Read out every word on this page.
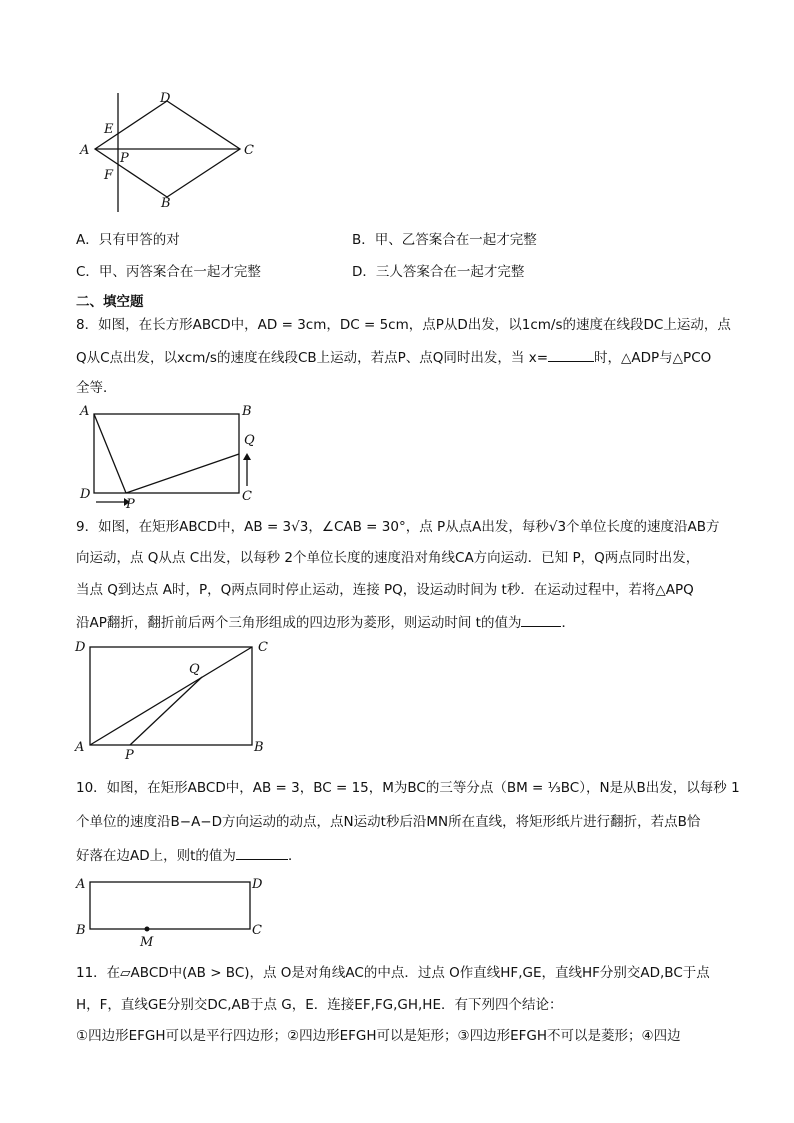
D
E
A
P
C
F
B
A．只有甲答的对	B．甲、乙答案合在一起才完整
C．甲、丙答案合在一起才完整	D．三人答案合在一起才完整
二、填空题
8．如图，在长方形ABCD中，AD = 3cm，DC = 5cm，点P从D出发，以1cm/s的速度在线段DC上运动，点
Q从C点出发，以xcm/s的速度在线段CB上运动，若点P、点Q同时出发，当 x=	时，△ADP与△PCO
全等．
A	B
Q
D	C
P
9．如图，在矩形ABCD中，AB = 3√3，∠CAB = 30°，点 P从点A出发，每秒√3个单位长度的速度沿AB方
向运动，点 Q从点 C出发，以每秒 2个单位长度的速度沿对角线CA方向运动．已知 P，Q两点同时出发，
当点 Q到达点 A时，P，Q两点同时停止运动，连接 PQ，设运动时间为 t秒．在运动过程中，若将△APQ
沿AP翻折，翻折前后两个三角形组成的四边形为菱形，则运动时间 t的值为	．
D	C
Q
A	B
P
10．如图，在矩形ABCD中，AB = 3，BC = 15，M为BC的三等分点（BM = ⅓BC），N是从B出发，以每秒 1
个单位的速度沿B−A−D方向运动的动点，点N运动t秒后沿MN所在直线，将矩形纸片进行翻折，若点B恰
好落在边AD上，则t的值为	．
A	D
B	C
M
11．在▱ABCD中(AB > BC)，点 O是对角线AC的中点．过点 O作直线HF,GE，直线HF分别交AD,BC于点
H，F，直线GE分别交DC,AB于点 G，E．连接EF,FG,GH,HE．有下列四个结论：
①四边形EFGH可以是平行四边形；②四边形EFGH可以是矩形；③四边形EFGH不可以是菱形；④四边
